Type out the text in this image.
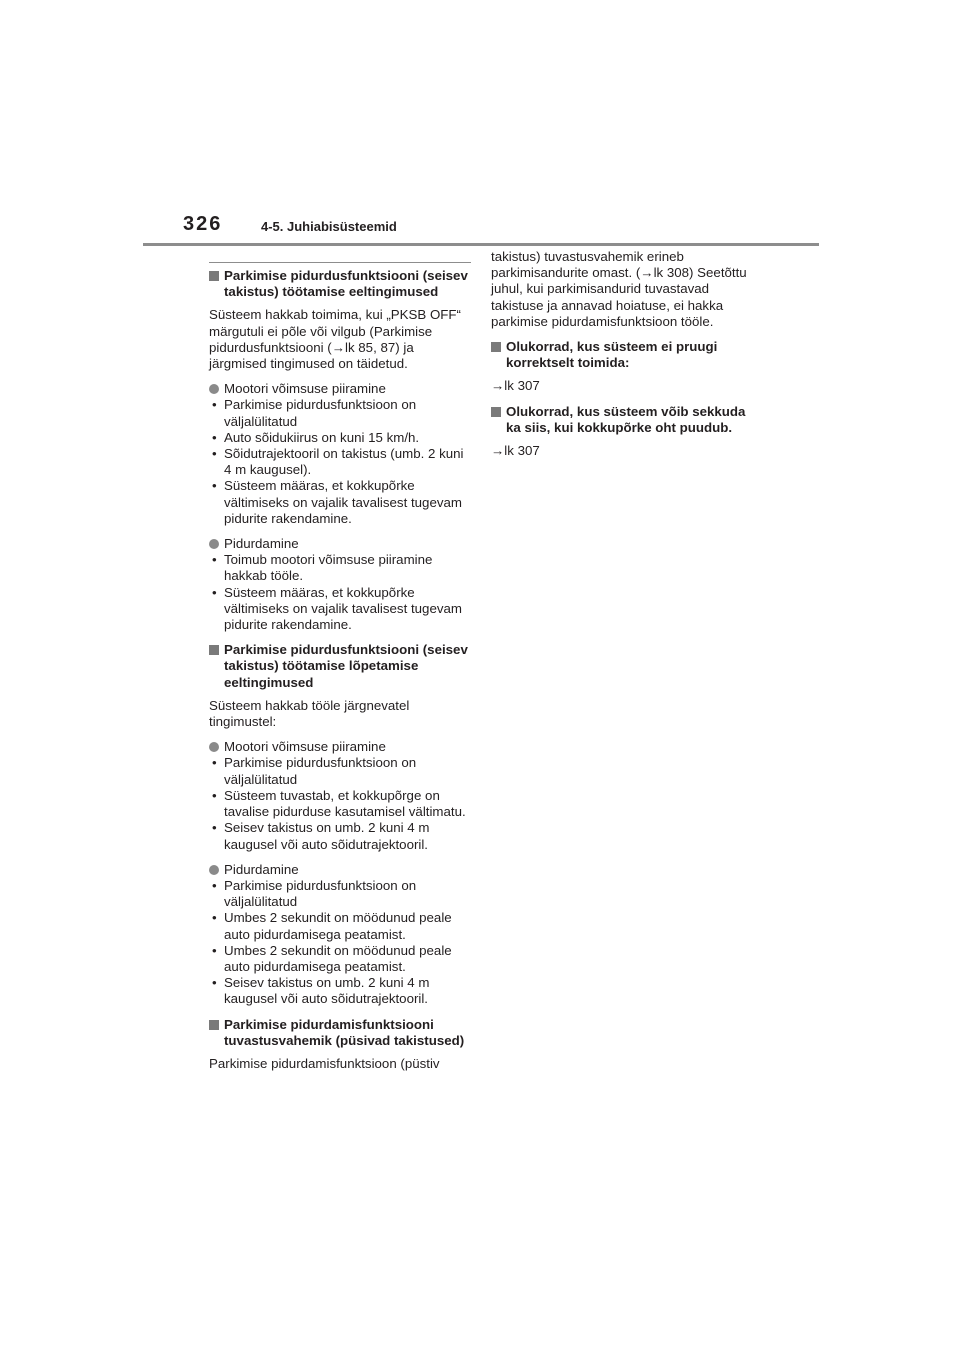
326	4-5. Juhiabisüsteemid

Parkimise pidurdusfunktsiooni (seisev takistus) töötamise eeltingimused

Süsteem hakkab toimima, kui „PKSB OFF“ märgutuli ei põle või vilgub (Parkimise pidurdusfunktsiooni (→lk 85, 87) ja järgmised tingimused on täidetud.

Mootori võimsuse piiramine

• Parkimise pidurdusfunktsioon on väljalülitatud

• Auto sõidukiirus on kuni 15 km/h.

• Sõidutrajektooril on takistus (umb. 2 kuni 4 m kaugusel).

• Süsteem määras, et kokkupõrke vältimiseks on vajalik tavalisest tugevam pidurite rakendamine.

Pidurdamine

• Toimub mootori võimsuse piiramine hakkab tööle.

• Süsteem määras, et kokkupõrke vältimiseks on vajalik tavalisest tugevam pidurite rakendamine.

Parkimise pidurdusfunktsiooni (seisev takistus) töötamise lõpetamise eeltingimused

Süsteem hakkab tööle järgnevatel tingimustel:

Mootori võimsuse piiramine

• Parkimise pidurdusfunktsioon on väljalülitatud

• Süsteem tuvastab, et kokkupõrge on tavalise pidurduse kasutamisel vältimatu.

• Seisev takistus on umb. 2 kuni 4 m kaugusel või auto sõidutrajektooril.

Pidurdamine

• Parkimise pidurdusfunktsioon on väljalülitatud

• Umbes 2 sekundit on möödunud peale auto pidurdamisega peatamist.

• Umbes 2 sekundit on möödunud peale auto pidurdamisega peatamist.

• Seisev takistus on umb. 2 kuni 4 m kaugusel või auto sõidutrajektooril.

Parkimise pidurdamisfunktsiooni tuvastusvahemik (püsivad takistused)

Parkimise pidurdamisfunktsioon (püstiv

takistus) tuvastusvahemik erineb parkimisandurite omast. (→lk 308) Seetõttu juhul, kui parkimisandurid tuvastavad takistuse ja annavad hoiatuse, ei hakka parkimise pidurdamisfunktsioon tööle.

Olukorrad, kus süsteem ei pruugi korrektselt toimida:

→lk 307

Olukorrad, kus süsteem võib sekkuda ka siis, kui kokkupõrke oht puudub.

→lk 307
